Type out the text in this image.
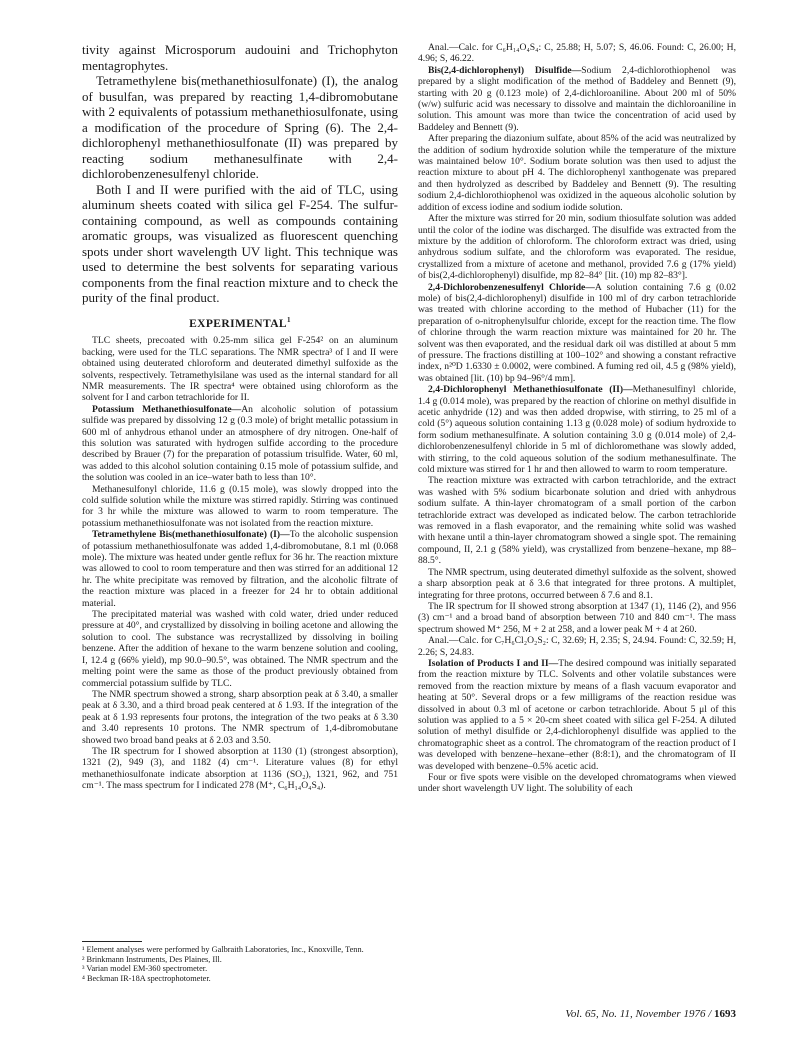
tivity against Microsporum audouini and Trichophyton mentagrophytes.

Tetramethylene bis(methanethiosulfonate) (I), the analog of busulfan, was prepared by reacting 1,4-dibromobutane with 2 equivalents of potassium methanethiosulfonate, using a modification of the procedure of Spring (6). The 2,4-dichlorophenyl methanethiosulfonate (II) was prepared by reacting sodium methanesulfinate with 2,4-dichlorobenzenesulfenyl chloride.

Both I and II were purified with the aid of TLC, using aluminum sheets coated with silica gel F-254. The sulfur-containing compound, as well as compounds containing aromatic groups, was visualized as fluorescent quenching spots under short wavelength UV light. This technique was used to determine the best solvents for separating various components from the final reaction mixture and to check the purity of the final product.

EXPERIMENTAL$^1$

TLC sheets, precoated with 0.25-mm silica gel F-254² on an aluminum backing, were used for the TLC separations. The NMR spectra³ of I and II were obtained using deuterated chloroform and deuterated dimethyl sulfoxide as the solvents, respectively. Tetramethylsilane was used as the internal standard for all NMR measurements. The IR spectra⁴ were obtained using chloroform as the solvent for I and carbon tetrachloride for II.

Potassium Methanethiosulfonate—An alcoholic solution of potassium sulfide was prepared by dissolving 12 g (0.3 mole) of bright metallic potassium in 600 ml of anhydrous ethanol under an atmosphere of dry nitrogen. One-half of this solution was saturated with hydrogen sulfide according to the procedure described by Brauer (7) for the preparation of potassium trisulfide. Water, 60 ml, was added to this alcohol solution containing 0.15 mole of potassium sulfide, and the solution was cooled in an ice–water bath to less than 10°.

Methanesulfonyl chloride, 11.6 g (0.15 mole), was slowly dropped into the cold sulfide solution while the mixture was stirred rapidly. Stirring was continued for 3 hr while the mixture was allowed to warm to room temperature. The potassium methanethiosulfonate was not isolated from the reaction mixture.

Tetramethylene Bis(methanethiosulfonate) (I)—To the alcoholic suspension of potassium methanethiosulfonate was added 1,4-dibromobutane, 8.1 ml (0.068 mole). The mixture was heated under gentle reflux for 36 hr. The reaction mixture was allowed to cool to room temperature and then was stirred for an additional 12 hr. The white precipitate was removed by filtration, and the alcoholic filtrate of the reaction mixture was placed in a freezer for 24 hr to obtain additional material.

The precipitated material was washed with cold water, dried under reduced pressure at 40°, and crystallized by dissolving in boiling acetone and allowing the solution to cool. The substance was recrystallized by dissolving in boiling benzene. After the addition of hexane to the warm benzene solution and cooling, I, 12.4 g (66% yield), mp 90.0–90.5°, was obtained. The NMR spectrum and the melting point were the same as those of the product previously obtained from commercial potassium sulfide by TLC.

The NMR spectrum showed a strong, sharp absorption peak at δ 3.40, a smaller peak at δ 3.30, and a third broad peak centered at δ 1.93. If the integration of the peak at δ 1.93 represents four protons, the integration of the two peaks at δ 3.30 and 3.40 represents 10 protons. The NMR spectrum of 1,4-dibromobutane showed two broad band peaks at δ 2.03 and 3.50.

The IR spectrum for I showed absorption at 1130 (1) (strongest absorption), 1321 (2), 949 (3), and 1182 (4) cm⁻¹. Literature values (8) for ethyl methanethiosulfonate indicate absorption at 1136 (SO₂), 1321, 962, and 751 cm⁻¹. The mass spectrum for I indicated 278 (M⁺, C₆H₁₄O₄S₄).

Anal.—Calc. for C₆H₁₄O₄S₄: C, 25.88; H, 5.07; S, 46.06. Found: C, 26.00; H, 4.96; S, 46.22.

Bis(2,4-dichlorophenyl) Disulfide—Sodium 2,4-dichlorothiophenol was prepared by a slight modification of the method of Baddeley and Bennett (9), starting with 20 g (0.123 mole) of 2,4-dichloroaniline. About 200 ml of 50% (w/w) sulfuric acid was necessary to dissolve and maintain the dichloroaniline in solution. This amount was more than twice the concentration of acid used by Baddeley and Bennett (9).

After preparing the diazonium sulfate, about 85% of the acid was neutralized by the addition of sodium hydroxide solution while the temperature of the mixture was maintained below 10°. Sodium borate solution was then used to adjust the reaction mixture to about pH 4. The dichlorophenyl xanthogenate was prepared and then hydrolyzed as described by Baddeley and Bennett (9). The resulting sodium 2,4-dichlorothiophenol was oxidized in the aqueous alcoholic solution by addition of excess iodine and sodium iodide solution.

After the mixture was stirred for 20 min, sodium thiosulfate solution was added until the color of the iodine was discharged. The disulfide was extracted from the mixture by the addition of chloroform. The chloroform extract was dried, using anhydrous sodium sulfate, and the chloroform was evaporated. The residue, crystallized from a mixture of acetone and methanol, provided 7.6 g (17% yield) of bis(2,4-dichlorophenyl) disulfide, mp 82–84° [lit. (10) mp 82–83°].

2,4-Dichlorobenzenesulfenyl Chloride—A solution containing 7.6 g (0.02 mole) of bis(2,4-dichlorophenyl) disulfide in 100 ml of dry carbon tetrachloride was treated with chlorine according to the method of Hubacher (11) for the preparation of o-nitrophenylsulfur chloride, except for the reaction time. The flow of chlorine through the warm reaction mixture was maintained for 20 hr. The solvent was then evaporated, and the residual dark oil was distilled at about 5 mm of pressure. The fractions distilling at 100–102° and showing a constant refractive index, n²⁰D 1.6330 ± 0.0002, were combined. A fuming red oil, 4.5 g (98% yield), was obtained [lit. (10) bp 94–96°/4 mm].

2,4-Dichlorophenyl Methanethiosulfonate (II)—Methanesulfinyl chloride, 1.4 g (0.014 mole), was prepared by the reaction of chlorine on methyl disulfide in acetic anhydride (12) and was then added dropwise, with stirring, to 25 ml of a cold (5°) aqueous solution containing 1.13 g (0.028 mole) of sodium hydroxide to form sodium methanesulfinate. A solution containing 3.0 g (0.014 mole) of 2,4-dichlorobenzenesulfenyl chloride in 5 ml of dichloromethane was slowly added, with stirring, to the cold aqueous solution of the sodium methanesulfinate. The cold mixture was stirred for 1 hr and then allowed to warm to room temperature.

The reaction mixture was extracted with carbon tetrachloride, and the extract was washed with 5% sodium bicarbonate solution and dried with anhydrous sodium sulfate. A thin-layer chromatogram of a small portion of the carbon tetrachloride extract was developed as indicated below. The carbon tetrachloride was removed in a flash evaporator, and the remaining white solid was washed with hexane until a thin-layer chromatogram showed a single spot. The remaining compound, II, 2.1 g (58% yield), was crystallized from benzene–hexane, mp 88–88.5°.

The NMR spectrum, using deuterated dimethyl sulfoxide as the solvent, showed a sharp absorption peak at δ 3.6 that integrated for three protons. A multiplet, integrating for three protons, occurred between δ 7.6 and 8.1.

The IR spectrum for II showed strong absorption at 1347 (1), 1146 (2), and 956 (3) cm⁻¹ and a broad band of absorption between 710 and 840 cm⁻¹. The mass spectrum showed M⁺ 256, M + 2 at 258, and a lower peak M + 4 at 260.

Anal.—Calc. for C₇H₆Cl₂O₂S₂: C, 32.69; H, 2.35; S, 24.94. Found: C, 32.59; H, 2.26; S, 24.83.

Isolation of Products I and II—The desired compound was initially separated from the reaction mixture by TLC. Solvents and other volatile substances were removed from the reaction mixture by means of a flash vacuum evaporator and heating at 50°. Several drops or a few milligrams of the reaction residue was dissolved in about 0.3 ml of acetone or carbon tetrachloride. About 5 μl of this solution was applied to a 5 × 20-cm sheet coated with silica gel F-254. A diluted solution of methyl disulfide or 2,4-dichlorophenyl disulfide was applied to the chromatographic sheet as a control. The chromatogram of the reaction product of I was developed with benzene–hexane–ether (8:8:1), and the chromatogram of II was developed with benzene–0.5% acetic acid.

Four or five spots were visible on the developed chromatograms when viewed under short wavelength UV light. The solubility of each

¹ Element analyses were performed by Galbraith Laboratories, Inc., Knoxville, Tenn.

² Brinkmann Instruments, Des Plaines, Ill.

³ Varian model EM-360 spectrometer.

⁴ Beckman IR-18A spectrophotometer.

Vol. 65, No. 11, November 1976 / 1693
